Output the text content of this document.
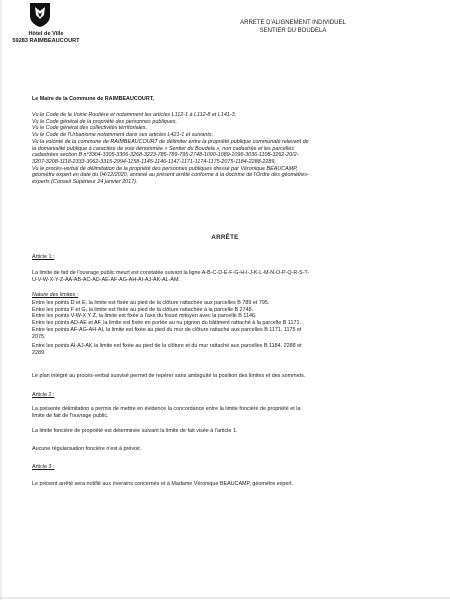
Hôtel de Ville
59283 RAIMBEAUCOURT
ARRETE D'ALIGNEMENT INDIVIDUEL
SENTIER DU BOUDELA
Le Maire de la Commune de RAIMBEAUCOURT,
Vu le Code de la Voirie Routière et notamment les articles L112-1 à L112-8 et L141-3,
Vu le Code général de la propriété des personnes publiques,
Vu le Code général des collectivités territoriales,
Vu le Code de l'Urbanisme notamment dans ses articles L421-1 et suivants,
Vu la volonté de la commune de RAIMBEAUCOURT de délimiter entre la propriété publique communale relevant de
la domanialité publique à caractère de voie dénommée « Sentier du Boudela », non cadastrée et les parcelles
cadastrées section B n°3304-3305-3306-3268-3223-785-789-795-2748-1090-1089-1096-3036-1108-3262-20/2-
3207-3208-1118-2333-3062-3315-2994-1158-1145-1146-1147-1171-1174-1175-2075-1184-2288-2289,
Vu le procès-verbal de délimitation de la propriété des personnes publiques dressé par Véronique BEAUCAMP,
géomètre expert en date du 04/12/2020, annexé au présent arrêté conforme à la doctrine de l'Ordre des géomètres-
experts (Conseil Supérieur 24 janvier 2017).
ARRÊTE
Article 1 :
La limite de fait de l'ouvrage public meurt est constatée suivant la ligne A-B-C-D-E-F-G-H-I-J-K-L-M-N-O-P-Q-R-S-T-
U-V-W-X-Y-Z-AA-AB-AC-AD-AE-AF-AG-AH-AI-AJ-AK-AL-AM.
Nature des limites :
Entre les points D et E, la limite est fixée au pied de la clôture rattachée aux parcelles B 789 et 795.
Entre les points F et G, la limite est fixée au pied de la clôture rattachée à la parcelle B 2748.
Entre les points V-W-X Y Z, la limite est fixée à l'axe du fossé mitoyen avec la parcelle B 1146.
Entre les points AD-AE et AF, la limite est fixée en portée au nu pignon du bâtiment rattaché à la parcelle B 1171.
Entre les points AF-AG-AH-AI, la limite est fixée au pied du mur de clôture rattaché aux parcelles B 1171, 1175 et
2075.
Entre les points AI-AJ-AK la limite est fixée au pied de la clôture et du mur rattaché aux parcelles B 1184, 2288 et
2289.
Le plan intégré au procès-verbal susvisé permet de repérer sans ambiguïté la position des limites et des sommets.
Article 2 :
La présente délimitation a permis de mettre en évidence la concordance entre la limite foncière de propriété et la
limite de fait de l'ouvrage public.
La limite foncière de propriété est déterminée suivant la limite de fait visée à l'article 1.
Aucune régularisation foncière n'est à prévoir.
Article 3 :
Le présent arrêté sera notifié aux riverains concernés et à Madame Véronique BEAUCAMP, géomètre expert.
